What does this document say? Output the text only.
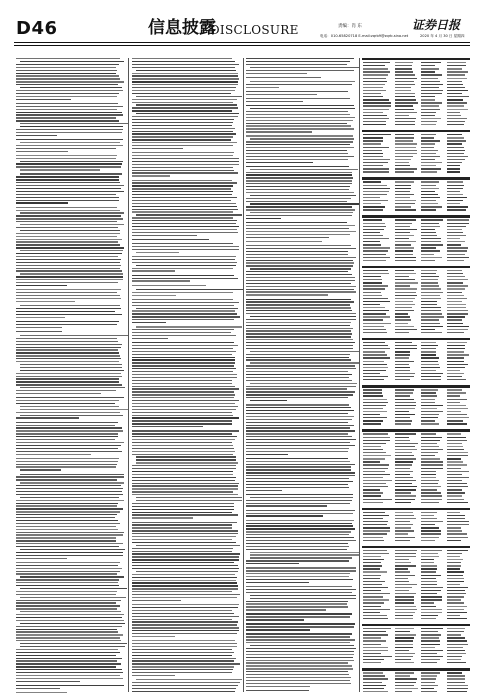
D46	信息披露
DISCLOSURE	责编：肖 东
电话：010-65820718 E-mail:zqrb9@zqrb.sina.net
证券日报
2020 年 4 月 30 日 星期四
